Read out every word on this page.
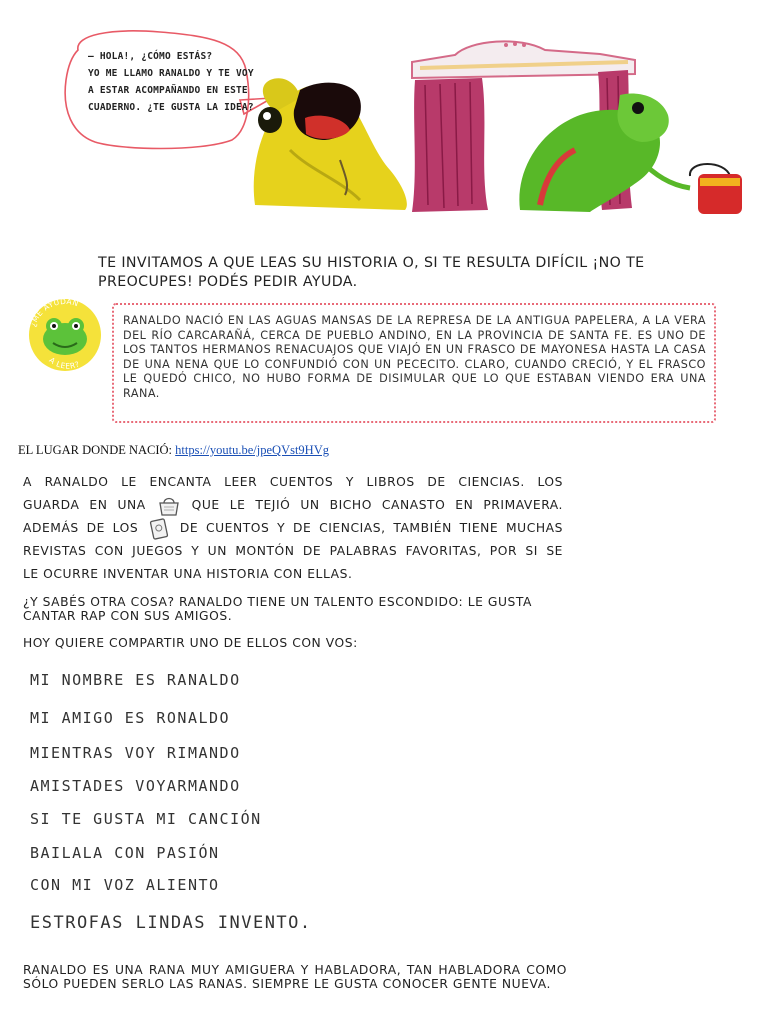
— HOLA!, ¿CÓMO ESTÁS?
YO ME LLAMO RANALDO Y TE VOY
A ESTAR ACOMPAÑANDO EN ESTE
CUADERNO. ¿TE GUSTA LA IDEA?
TE INVITAMOS A QUE LEAS SU HISTORIA O, SI TE RESULTA DIFÍCIL ¡NO TE PREOCUPES! PODÉS PEDIR AYUDA.
¿ME AYUDÁN
A LEER?

RANALDO NACIÓ EN LAS AGUAS MANSAS DE LA REPRESA DE LA ANTIGUA PAPELERA, A LA VERA DEL RÍO CARCARAÑÁ, CERCA DE PUEBLO ANDINO, EN LA PROVINCIA DE SANTA FE. ES UNO DE LOS TANTOS HERMANOS RENACUAJOS QUE VIAJÓ EN UN FRASCO DE MAYONESA HASTA LA CASA DE UNA NENA QUE LO CONFUNDIÓ CON UN PECECITO. CLARO, CUANDO CRECIÓ, Y EL FRASCO LE QUEDÓ CHICO, NO HUBO FORMA DE DISIMULAR QUE LO QUE ESTABAN VIENDO ERA UNA RANA.

EL LUGAR DONDE NACIÓ: https://youtu.be/jpeQVst9HVg
A RANALDO LE ENCANTA LEER CUENTOS Y LIBROS DE CIENCIAS. LOS
GUARDA EN UNA	QUE LE TEJIÓ UN BICHO CANASTO EN PRIMAVERA.
ADEMÁS DE LOS	DE CUENTOS Y DE CIENCIAS, TAMBIÉN TIENE MUCHAS
REVISTAS CON JUEGOS Y UN MONTÓN DE PALABRAS FAVORITAS, POR SI SE
LE OCURRE INVENTAR UNA HISTORIA CON ELLAS.
¿Y SABÉS OTRA COSA? RANALDO TIENE UN TALENTO ESCONDIDO: LE GUSTA CANTAR RAP CON SUS AMIGOS.
HOY QUIERE COMPARTIR UNO DE ELLOS CON VOS:
MI NOMBRE ES RANALDO
MI AMIGO ES RONALDO
MIENTRAS VOY RIMANDO
AMISTADES VOYARMANDO
SI TE GUSTA MI CANCIÓN
BAILALA CON PASIÓN
CON MI VOZ ALIENTO
ESTROFAS LINDAS INVENTO.
RANALDO ES UNA RANA MUY AMIGUERA Y HABLADORA, TAN HABLADORA COMO SÓLO PUEDEN SERLO LAS RANAS. SIEMPRE LE GUSTA CONOCER GENTE NUEVA.
